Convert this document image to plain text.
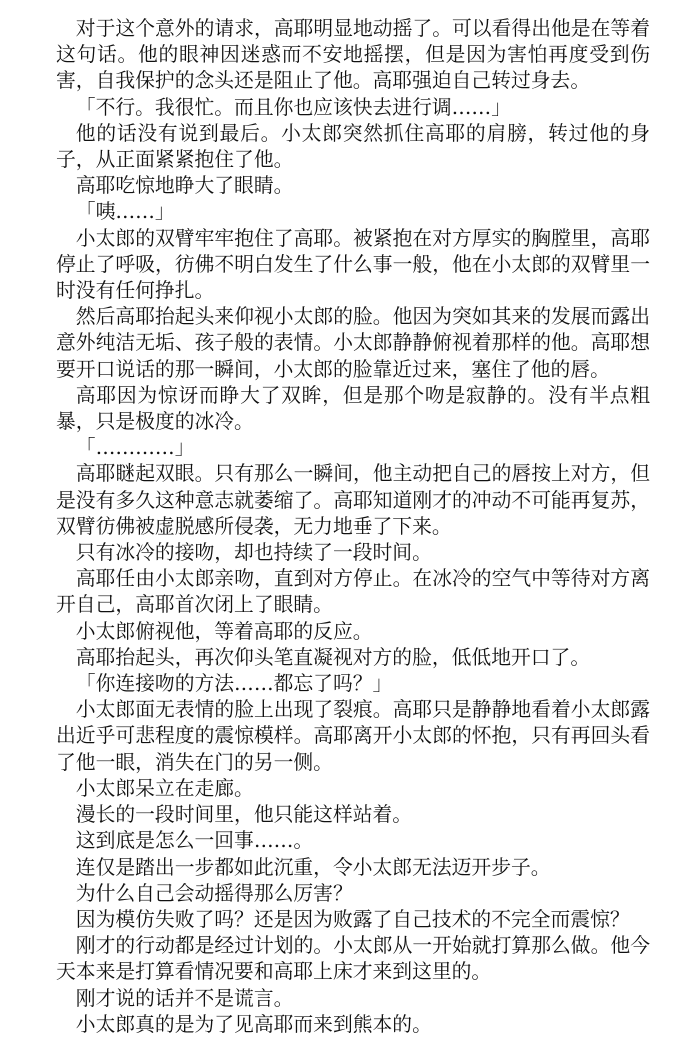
对于这个意外的请求，高耶明显地动摇了。可以看得出他是在等着这句话。他的眼神因迷惑而不安地摇摆，但是因为害怕再度受到伤害，自我保护的念头还是阻止了他。高耶强迫自己转过身去。

「不行。我很忙。而且你也应该快去进行调……」

他的话没有说到最后。小太郎突然抓住高耶的肩膀，转过他的身子，从正面紧紧抱住了他。

高耶吃惊地睁大了眼睛。

「咦……」

小太郎的双臂牢牢抱住了高耶。被紧抱在对方厚实的胸膛里，高耶停止了呼吸，彷佛不明白发生了什么事一般，他在小太郎的双臂里一时没有任何挣扎。

然后高耶抬起头来仰视小太郎的脸。他因为突如其来的发展而露出意外纯洁无垢、孩子般的表情。小太郎静静俯视着那样的他。高耶想要开口说话的那一瞬间，小太郎的脸靠近过来，塞住了他的唇。

高耶因为惊讶而睁大了双眸，但是那个吻是寂静的。没有半点粗暴，只是极度的冰冷。

「…………」

高耶瞇起双眼。只有那么一瞬间，他主动把自己的唇按上对方，但是没有多久这种意志就萎缩了。高耶知道刚才的冲动不可能再复苏，双臂彷佛被虚脱感所侵袭，无力地垂了下来。

只有冰冷的接吻，却也持续了一段时间。

高耶任由小太郎亲吻，直到对方停止。在冰冷的空气中等待对方离开自己，高耶首次闭上了眼睛。

小太郎俯视他，等着高耶的反应。

高耶抬起头，再次仰头笔直凝视对方的脸，低低地开口了。

「你连接吻的方法……都忘了吗？」

小太郎面无表情的脸上出现了裂痕。高耶只是静静地看着小太郎露出近乎可悲程度的震惊模样。高耶离开小太郎的怀抱，只有再回头看了他一眼，消失在门的另一侧。

小太郎呆立在走廊。

漫长的一段时间里，他只能这样站着。

这到底是怎么一回事……。

连仅是踏出一步都如此沉重，令小太郎无法迈开步子。

为什么自己会动摇得那么厉害？

因为模仿失败了吗？还是因为败露了自己技术的不完全而震惊？

刚才的行动都是经过计划的。小太郎从一开始就打算那么做。他今天本来是打算看情况要和高耶上床才来到这里的。

刚才说的话并不是谎言。

小太郎真的是为了见高耶而来到熊本的。
